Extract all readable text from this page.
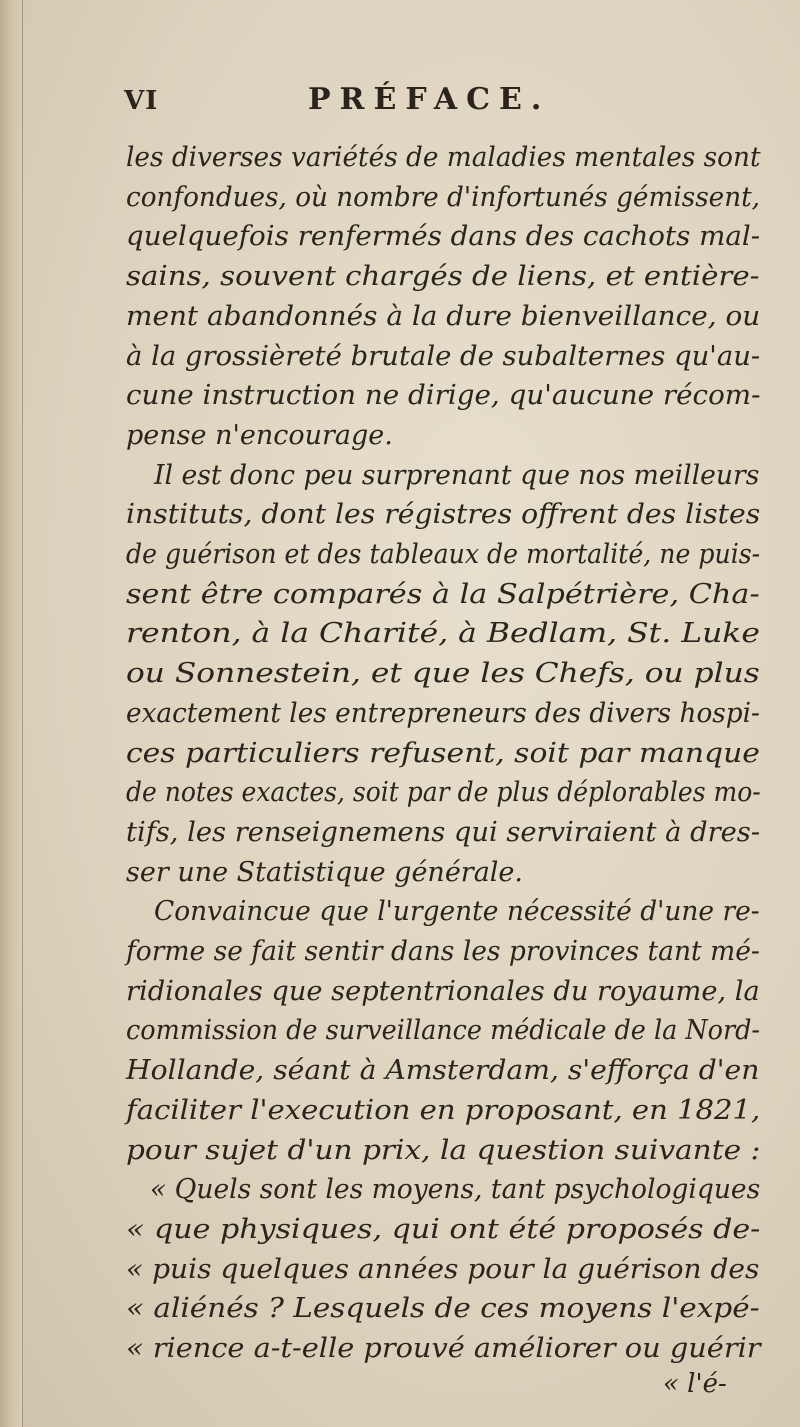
VI	PRÉFACE.
les diverses variétés de maladies mentales sont
confondues, où nombre d'infortunés gémissent,
quelquefois renfermés dans des cachots mal-
sains, souvent chargés de liens, et entière-
ment abandonnés à la dure bienveillance, ou
à la grossièreté brutale de subalternes qu'au-
cune instruction ne dirige, qu'aucune récom-
pense n'encourage.
Il est donc peu surprenant que nos meilleurs
instituts, dont les régistres offrent des listes
de guérison et des tableaux de mortalité, ne puis-
sent être comparés à la Salpétrière, Cha-
renton, à la Charité, à Bedlam, St. Luke
ou Sonnestein, et que les Chefs, ou plus
exactement les entrepreneurs des divers hospi-
ces particuliers refusent, soit par manque
de notes exactes, soit par de plus déplorables mo-
tifs, les renseignemens qui serviraient à dres-
ser une Statistique générale.
Convaincue que l'urgente nécessité d'une re-
forme se fait sentir dans les provinces tant mé-
ridionales que septentrionales du royaume, la
commission de surveillance médicale de la Nord-
Hollande, séant à Amsterdam, s'efforça d'en
faciliter l'execution en proposant, en 1821,
pour sujet d'un prix, la question suivante :
« Quels sont les moyens, tant psychologiques
« que physiques, qui ont été proposés de-
« puis quelques années pour la guérison des
« aliénés ? Lesquels de ces moyens l'expé-
« rience a-t-elle prouvé améliorer ou guérir
« l'é-
